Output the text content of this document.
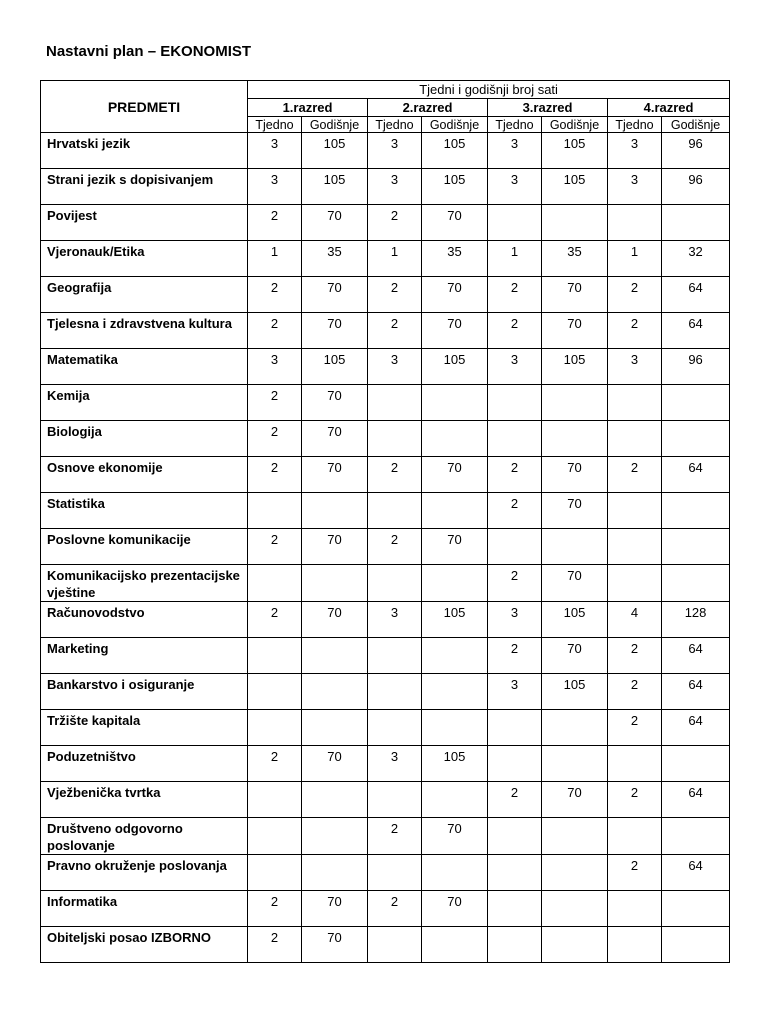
Nastavni plan – EKONOMIST
PREDMETI	Tjedni i godišnji broj sati							
	1.razred		2.razred		3.razred		4.razred	
	Tjedno	Godišnje	Tjedno	Godišnje	Tjedno	Godišnje	Tjedno	Godišnje
Hrvatski jezik	3	105	3	105	3	105	3	96
Strani jezik s dopisivanjem	3	105	3	105	3	105	3	96
Povijest	2	70	2	70				
Vjeronauk/Etika	1	35	1	35	1	35	1	32
Geografija	2	70	2	70	2	70	2	64
Tjelesna i zdravstvena kultura	2	70	2	70	2	70	2	64
Matematika	3	105	3	105	3	105	3	96
Kemija	2	70						
Biologija	2	70						
Osnove ekonomije	2	70	2	70	2	70	2	64
Statistika					2	70		
Poslovne komunikacije	2	70	2	70				
Komunikacijsko prezentacijske vještine					2	70		
Računovodstvo	2	70	3	105	3	105	4	128
Marketing					2	70	2	64
Bankarstvo i osiguranje					3	105	2	64
Tržište kapitala							2	64
Poduzetništvo	2	70	3	105				
Vježbenička tvrtka					2	70	2	64
Društveno odgovorno poslovanje			2	70				
Pravno okruženje poslovanja							2	64
Informatika	2	70	2	70				
Obiteljski posao IZBORNO	2	70						
